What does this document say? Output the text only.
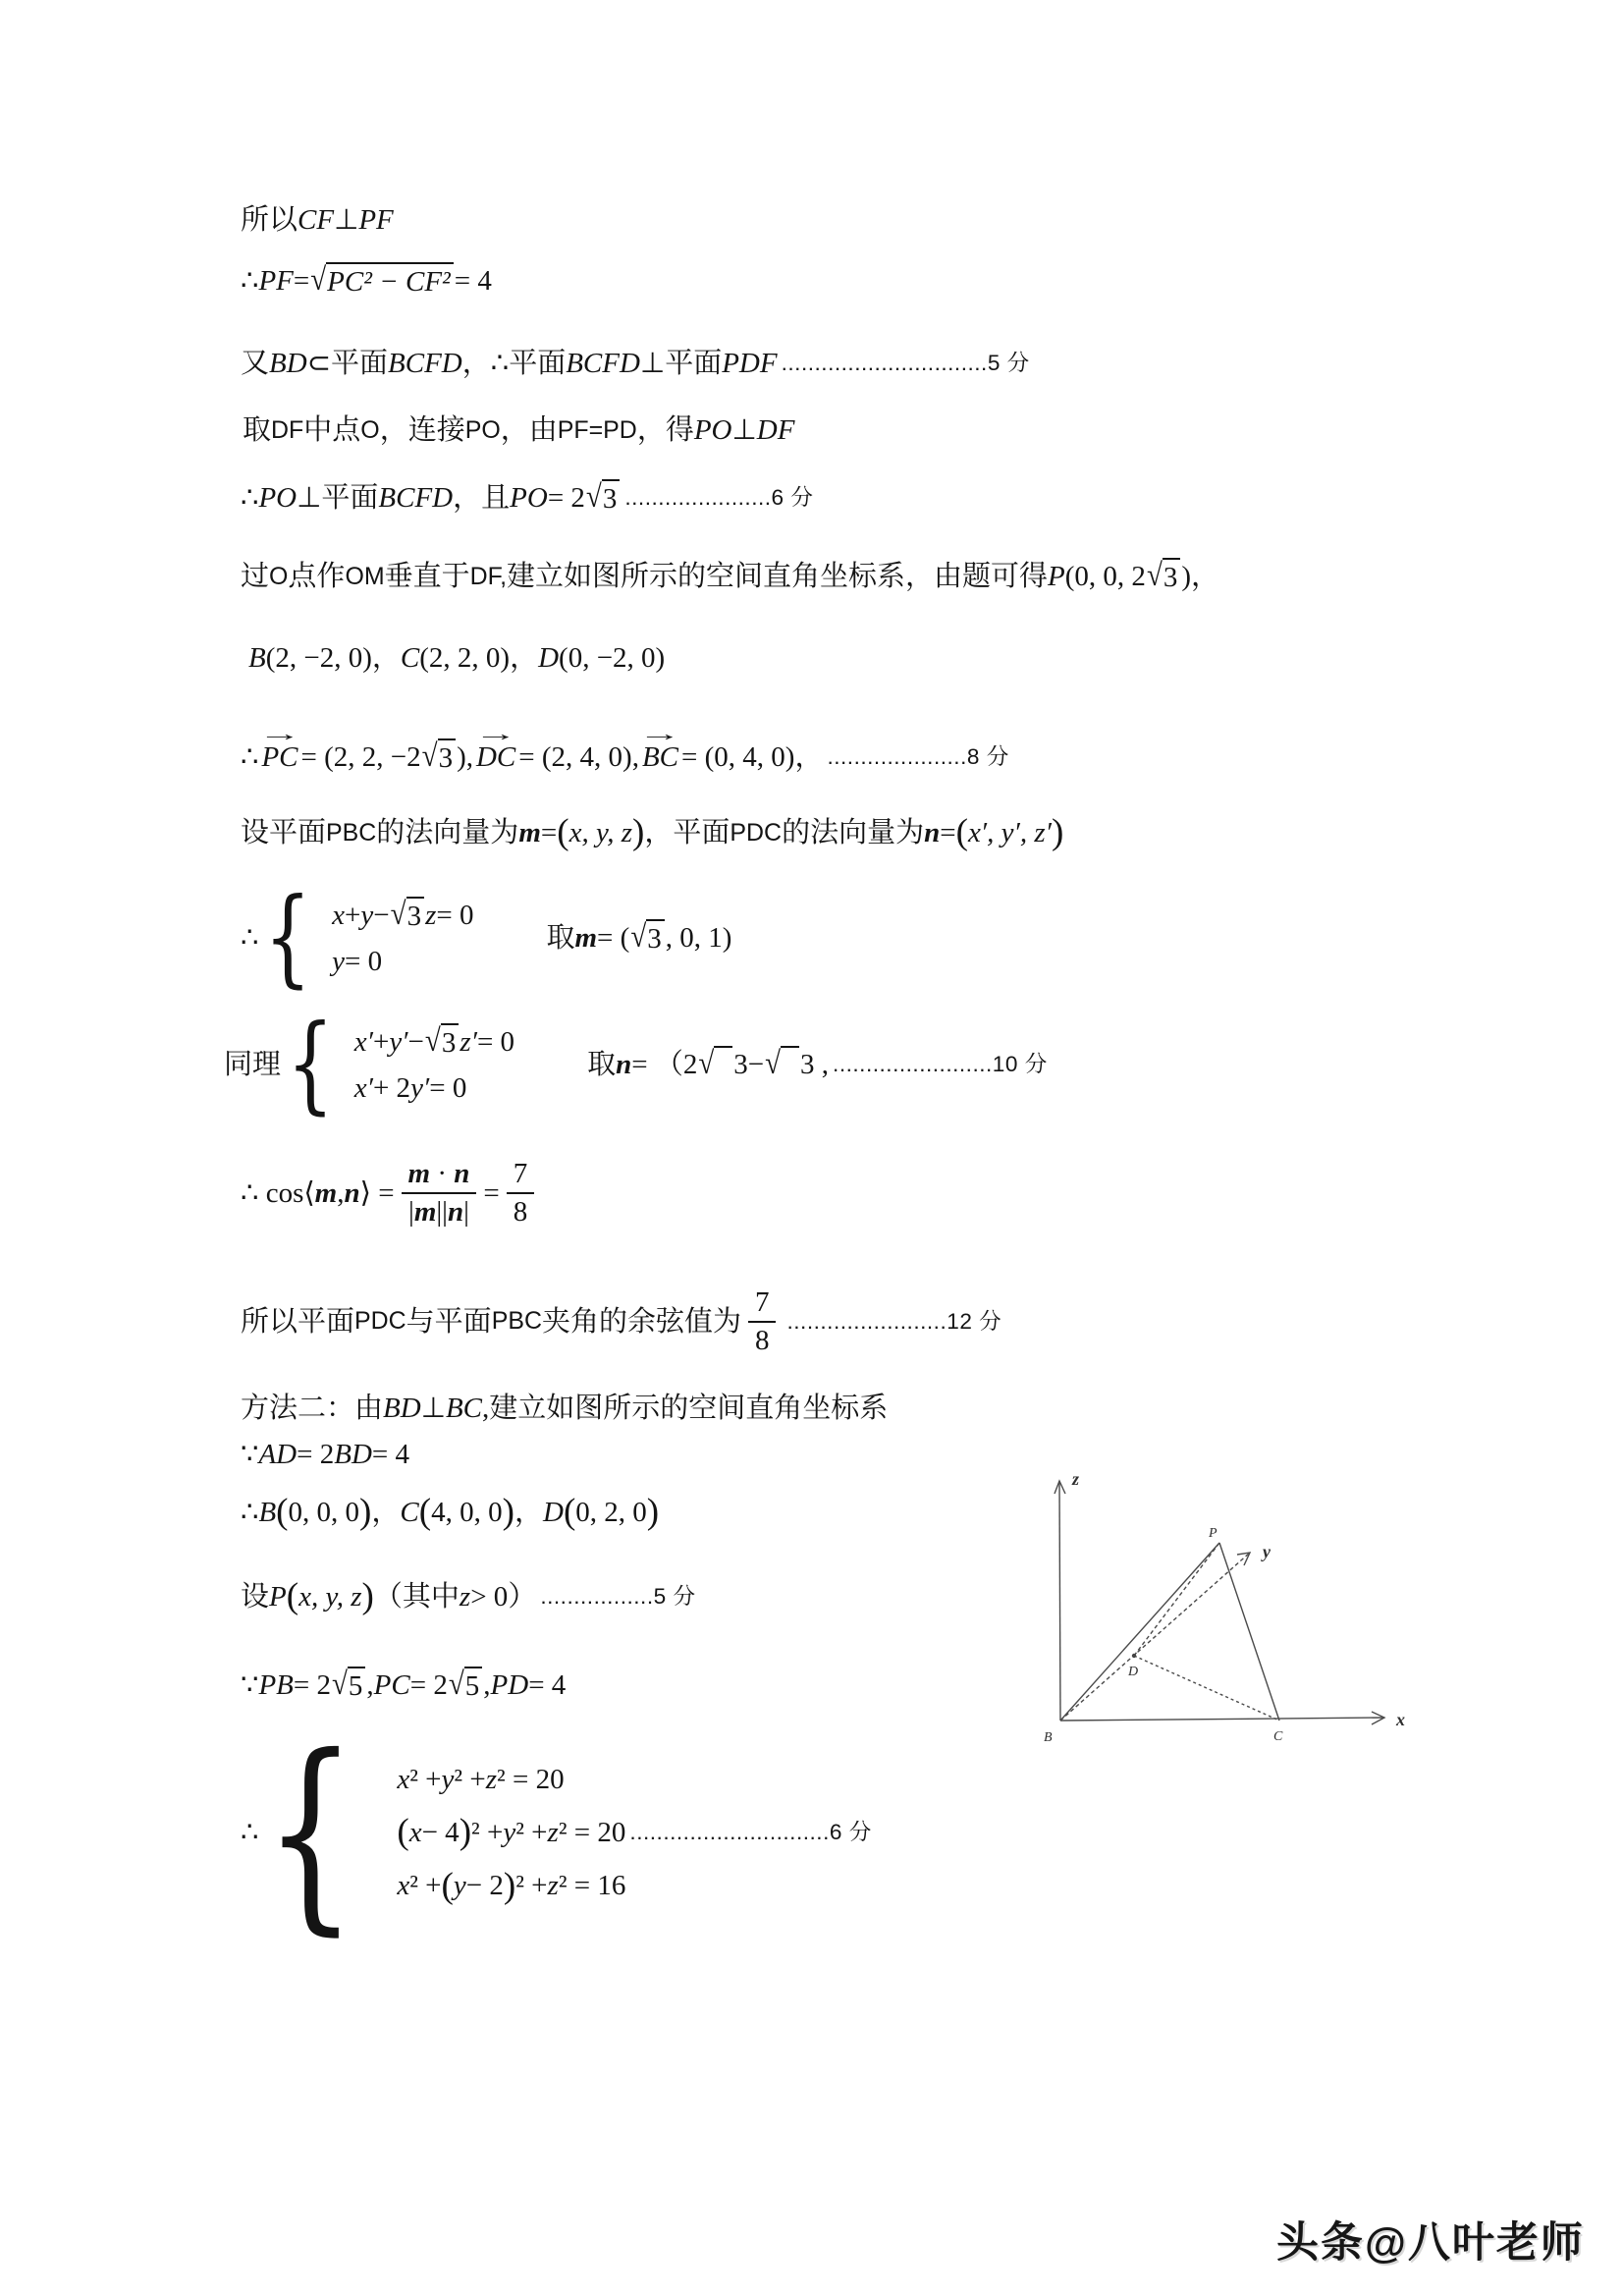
所以 CF ⊥ PF
∴ PF = √PC² − CF² = 4
又 BD ⊂ 平面 BCFD ， ∴ 平面 BCFD ⊥ 平面 PDF ...............................5 分
取 DF 中点 O ，连接 PO ，由 PF=PD ，得 PO ⊥ DF
∴ PO ⊥ 平面 BCFD ，且 PO = 2 √3 ......................6 分
过 O 点作 OM 垂直于 DF, 建立如图所示的空间直角坐标系，由题可得 P (0, 0, 2 √3 ) ，
B (2, −2, 0) ， C (2, 2, 0) ， D (0, −2, 0)
∴ → PC = (2, 2, −2 √3 ), → DC = (2, 4, 0), → BC = (0, 4, 0) ， .....................8 分
设平面 PBC 的法向量为 m = ( x, y, z ) ，平面 PDC 的法向量为 n = ( x′, y′, z′ )
∴ { x + y − √3 z = 0
y = 0
取 m = ( √3 , 0, 1)
同理 { x′ + y′ − √3 z′ = 0
x′ + 2 y′ = 0
取 n = （2 √ 3 − √ 3 , ........................10 分
∴ cos⟨ m , n ⟩ = $\frac{m \cdot n}{|m||n|} = \frac{7}{8}$
所以平面 PDC 与平面 PBC 夹角的余弦值为 $\frac{7}{8} ........................12$ 分
方法二：由 BD ⊥ BC ,建立如图所示的空间直角坐标系
∵ AD = 2 BD = 4
∴ B ( 0, 0, 0 ) ， C ( 4, 0, 0 ) ， D ( 0, 2, 0 )
设 P ( x, y, z ) （其中 z > 0 ） .................5 分
∵ PB = 2 √5 , PC = 2 √5 , PD = 4
∴ { x ² + y ² + z ² = 20
( x − 4 ) ² + y ² + z ² = 20 ..............................6 分
x ² + ( y − 2 ) ² + z ² = 16
z
y
x
B	C
D
P
头条@八叶老师
